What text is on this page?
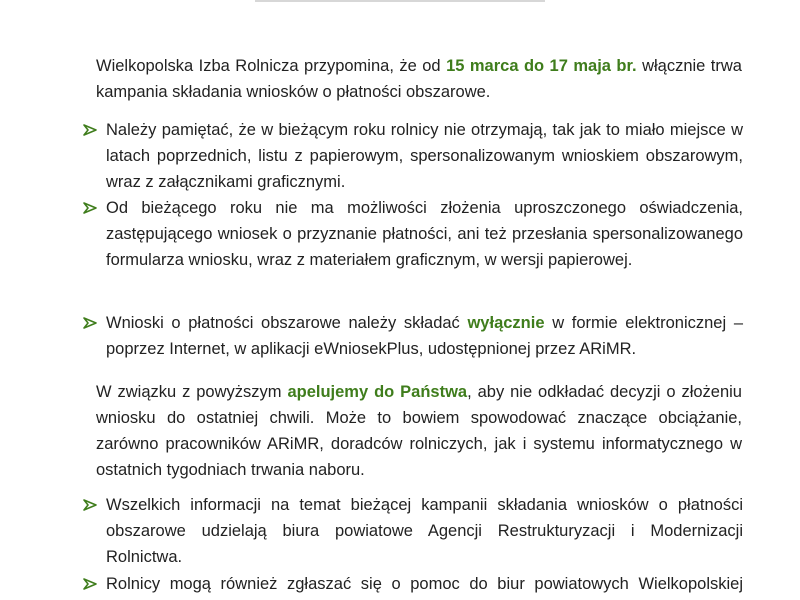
Wielkopolska Izba Rolnicza przypomina, że od 15 marca do 17 maja br. włącznie trwa kampania składania wniosków o płatności obszarowe.
Należy pamiętać, że w bieżącym roku rolnicy nie otrzymają, tak jak to miało miejsce w latach poprzednich, listu z papierowym, spersonalizowanym wnioskiem obszarowym, wraz z załącznikami graficznymi.
Od bieżącego roku nie ma możliwości złożenia uproszczonego oświadczenia, zastępującego wniosek o przyznanie płatności, ani też przesłania spersonalizowanego formularza wniosku, wraz z materiałem graficznym, w wersji papierowej.
Wnioski o płatności obszarowe należy składać wyłącznie w formie elektronicznej – poprzez Internet, w aplikacji eWniosekPlus, udostępnionej przez ARiMR.
W związku z powyższym apelujemy do Państwa, aby nie odkładać decyzji o złożeniu wniosku do ostatniej chwili. Może to bowiem spowodować znaczące obciążanie, zarówno pracowników ARiMR, doradców rolniczych, jak i systemu informatycznego w ostatnich tygodniach trwania naboru.
Wszelkich informacji na temat bieżącej kampanii składania wniosków o płatności obszarowe udzielają biura powiatowe Agencji Restrukturyzacji i Modernizacji Rolnictwa.
Rolnicy mogą również zgłaszać się o pomoc do biur powiatowych Wielkopolskiej
